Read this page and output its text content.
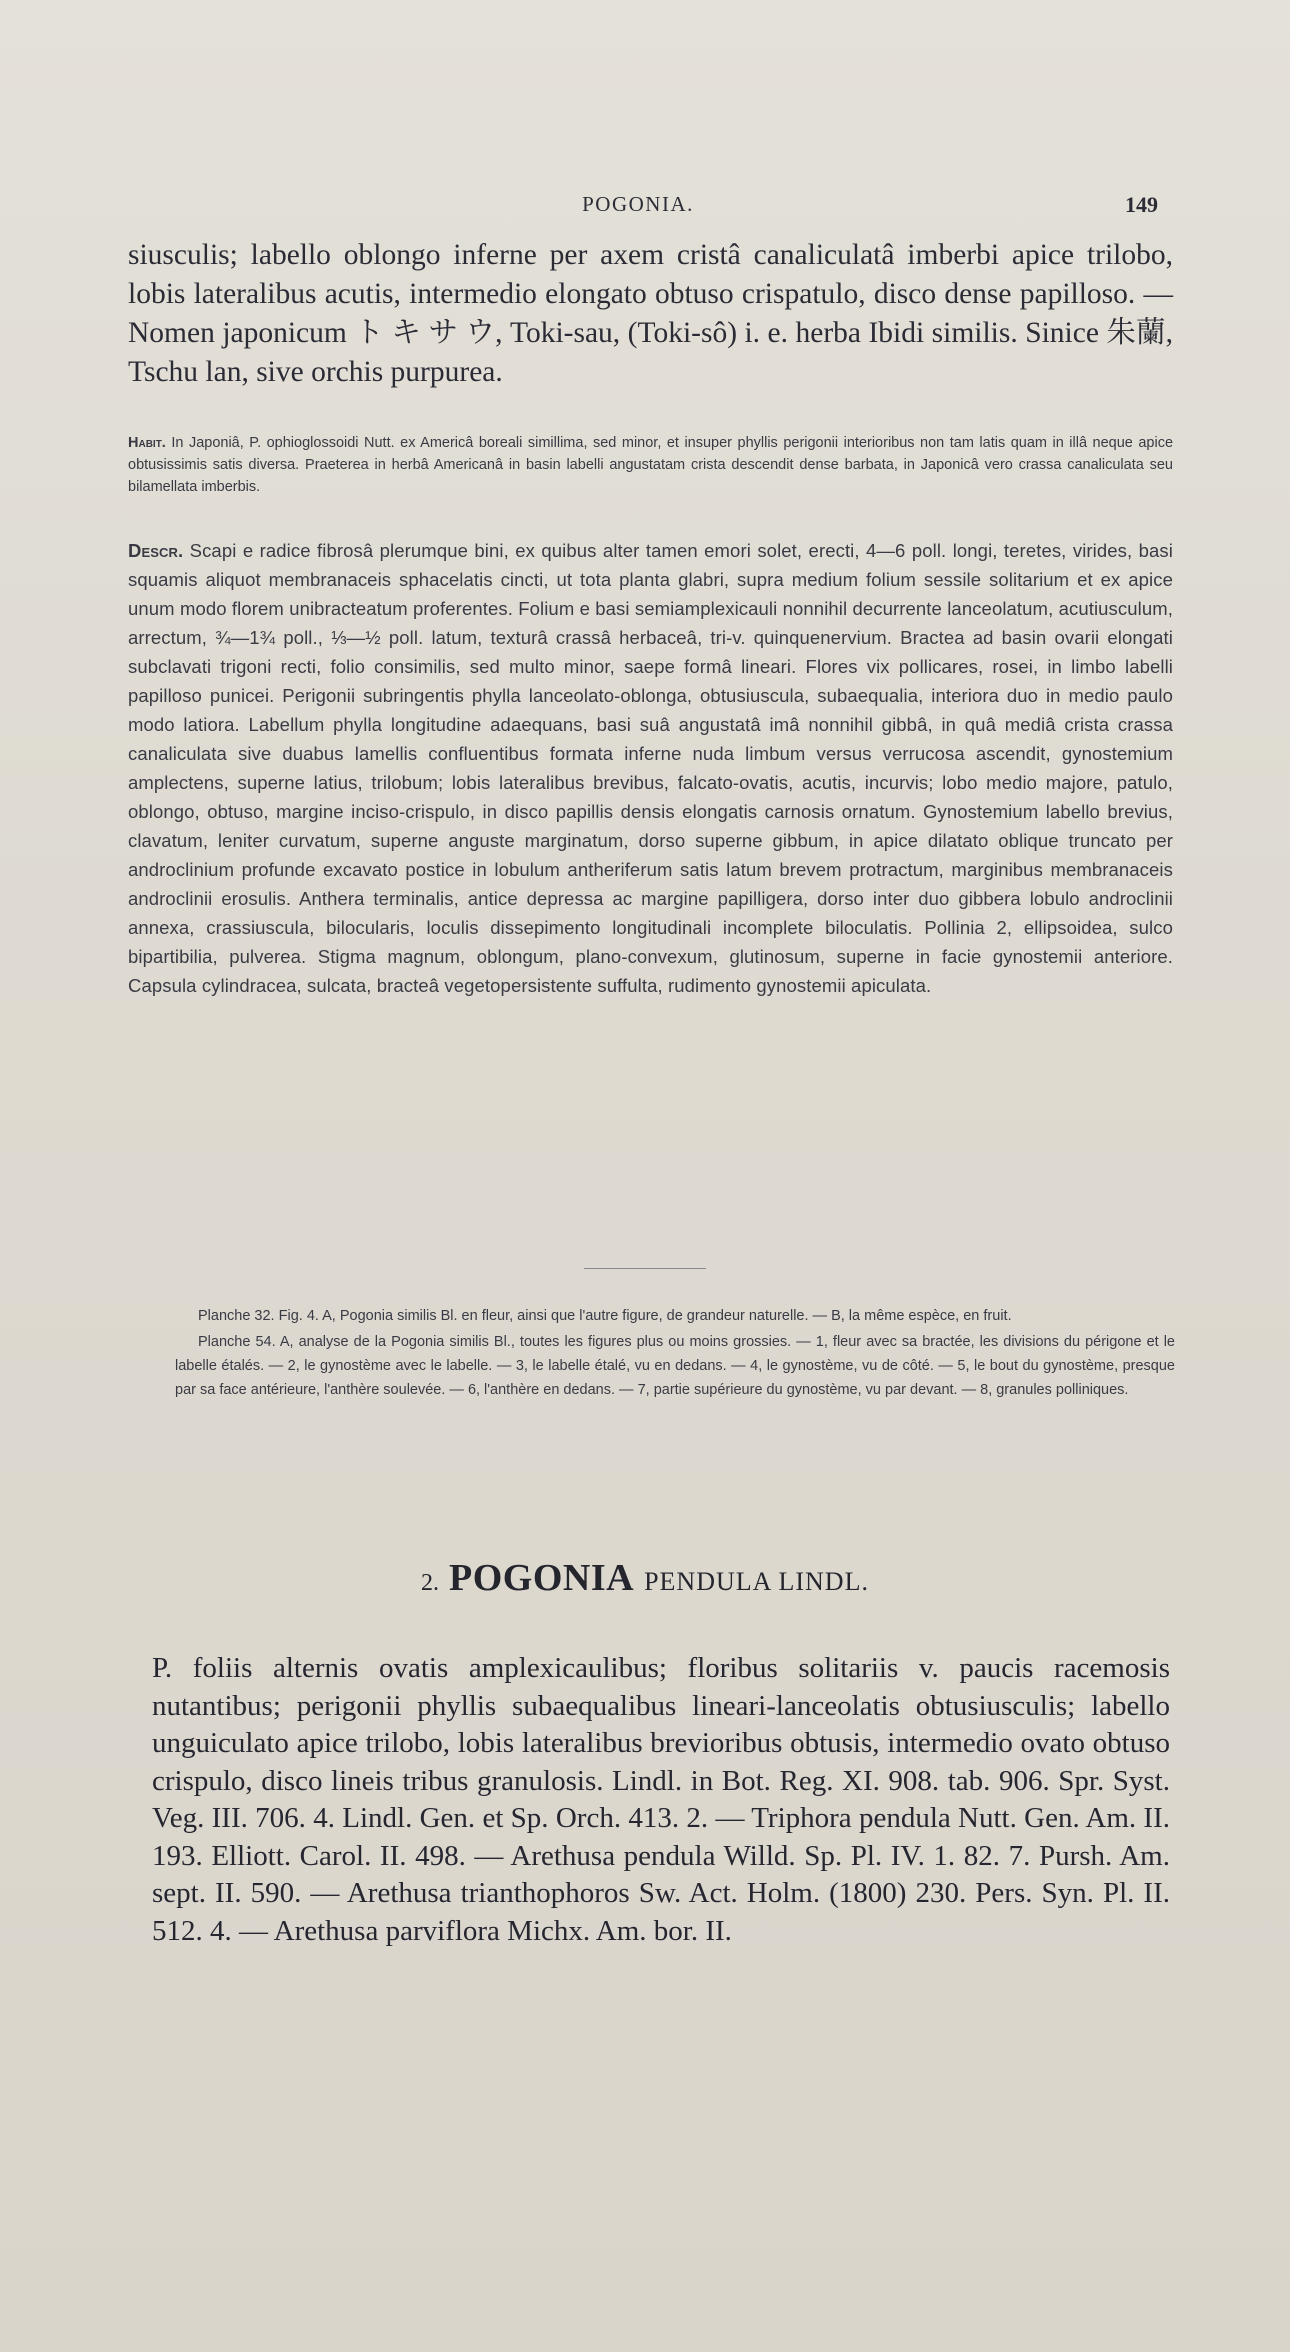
POGONIA.	149

siusculis; labello oblongo inferne per axem cristâ canaliculatâ imberbi apice trilobo, lobis lateralibus acutis, intermedio elongato obtuso crispatulo, disco dense papilloso. — Nomen japonicum ト キ サ ウ, Toki-sau, (Toki-sô) i. e. herba Ibidi similis. Sinice 朱蘭, Tschu lan, sive orchis purpurea.

Habit. In Japoniâ, P. ophioglossoidi Nutt. ex Americâ boreali simillima, sed minor, et insuper phyllis perigonii interioribus non tam latis quam in illâ neque apice obtusissimis satis diversa. Praeterea in herbâ Americanâ in basin labelli angustatam crista descendit dense barbata, in Japonicâ vero crassa canaliculata seu bilamellata imberbis.

Descr. Scapi e radice fibrosâ plerumque bini, ex quibus alter tamen emori solet, erecti, 4—6 poll. longi, teretes, virides, basi squamis aliquot membranaceis sphacelatis cincti, ut tota planta glabri, supra medium folium sessile solitarium et ex apice unum modo florem unibracteatum proferentes. Folium e basi semiamplexicauli nonnihil decurrente lanceolatum, acutiusculum, arrectum, ¾—1¾ poll., ⅓—½ poll. latum, texturâ crassâ herbaceâ, tri-v. quinquenervium. Bractea ad basin ovarii elongati subclavati trigoni recti, folio consimilis, sed multo minor, saepe formâ lineari. Flores vix pollicares, rosei, in limbo labelli papilloso punicei. Perigonii subringentis phylla lanceolato-oblonga, obtusiuscula, subaequalia, interiora duo in medio paulo modo latiora. Labellum phylla longitudine adaequans, basi suâ angustatâ imâ nonnihil gibbâ, in quâ mediâ crista crassa canaliculata sive duabus lamellis confluentibus formata inferne nuda limbum versus verrucosa ascendit, gynostemium amplectens, superne latius, trilobum; lobis lateralibus brevibus, falcato-ovatis, acutis, incurvis; lobo medio majore, patulo, oblongo, obtuso, margine inciso-crispulo, in disco papillis densis elongatis carnosis ornatum. Gynostemium labello brevius, clavatum, leniter curvatum, superne anguste marginatum, dorso superne gibbum, in apice dilatato oblique truncato per androclinium profunde excavato postice in lobulum antheriferum satis latum brevem protractum, marginibus membranaceis androclinii erosulis. Anthera terminalis, antice depressa ac margine papilligera, dorso inter duo gibbera lobulo androclinii annexa, crassiuscula, bilocularis, loculis dissepimento longitudinali incomplete biloculatis. Pollinia 2, ellipsoidea, sulco bipartibilia, pulverea. Stigma magnum, oblongum, plano-convexum, glutinosum, superne in facie gynostemii anteriore. Capsula cylindracea, sulcata, bracteâ vegetopersistente suffulta, rudimento gynostemii apiculata.

Planche 32. Fig. 4. A, Pogonia similis Bl. en fleur, ainsi que l'autre figure, de grandeur naturelle. — B, la même espèce, en fruit.

Planche 54. A, analyse de la Pogonia similis Bl., toutes les figures plus ou moins grossies. — 1, fleur avec sa bractée, les divisions du périgone et le labelle étalés. — 2, le gynostème avec le labelle. — 3, le labelle étalé, vu en dedans. — 4, le gynostème, vu de côté. — 5, le bout du gynostème, presque par sa face antérieure, l'anthère soulevée. — 6, l'anthère en dedans. — 7, partie supérieure du gynostème, vu par devant. — 8, granules polliniques.

2. POGONIA PENDULA LINDL.

P. foliis alternis ovatis amplexicaulibus; floribus solitariis v. paucis racemosis nutantibus; perigonii phyllis subaequalibus lineari-lanceolatis obtusiusculis; labello unguiculato apice trilobo, lobis lateralibus brevioribus obtusis, intermedio ovato obtuso crispulo, disco lineis tribus granulosis. Lindl. in Bot. Reg. XI. 908. tab. 906. Spr. Syst. Veg. III. 706. 4. Lindl. Gen. et Sp. Orch. 413. 2. — Triphora pendula Nutt. Gen. Am. II. 193. Elliott. Carol. II. 498. — Arethusa pendula Willd. Sp. Pl. IV. 1. 82. 7. Pursh. Am. sept. II. 590. — Arethusa trianthophoros Sw. Act. Holm. (1800) 230. Pers. Syn. Pl. II. 512. 4. — Arethusa parviflora Michx. Am. bor. II.
